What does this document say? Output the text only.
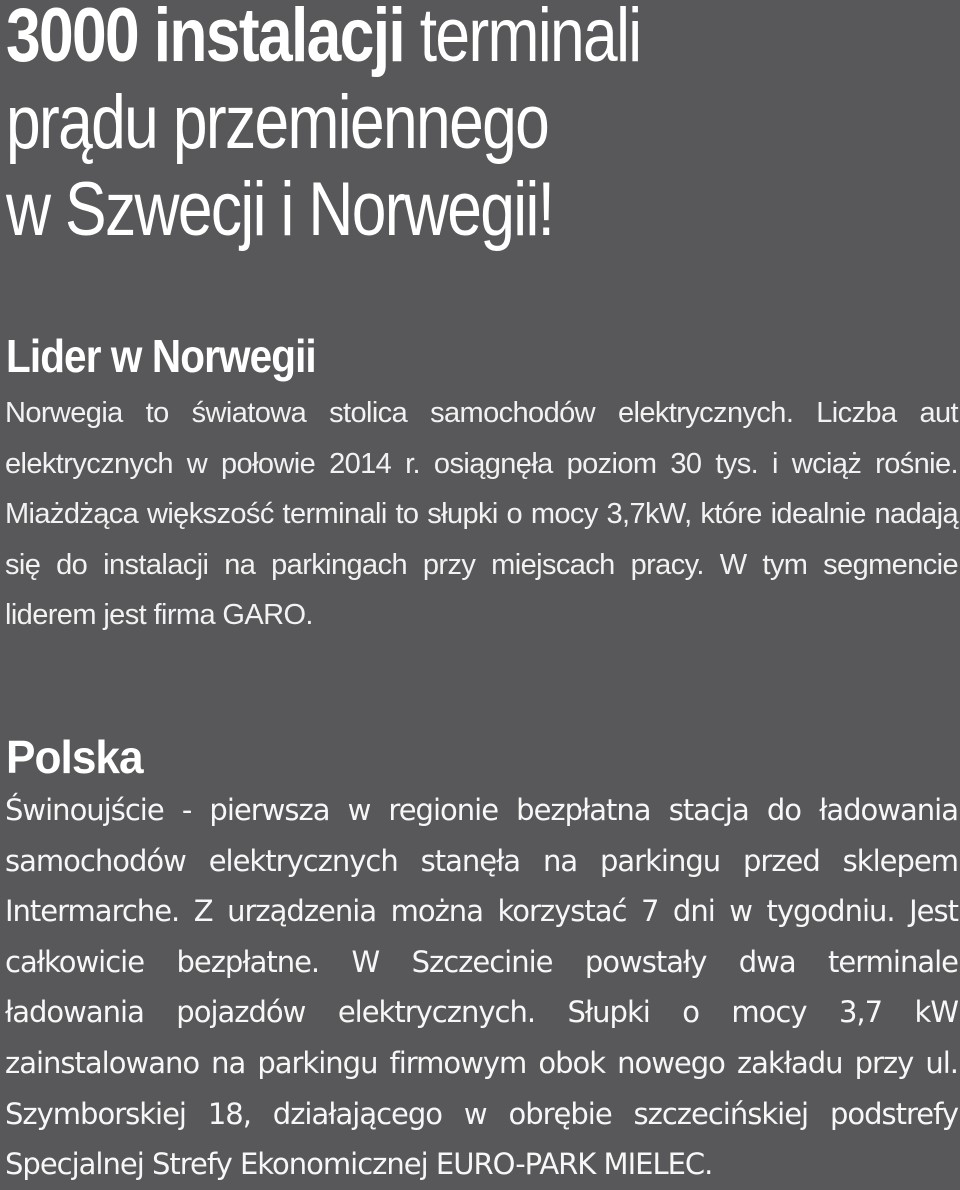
3000 instalacji terminali
prądu przemiennego
w Szwecji i Norwegii!
Lider w Norwegii

Norwegia to światowa stolica samochodów elektrycznych. Liczba aut elektrycznych w połowie 2014 r. osiągnęła poziom 30 tys. i wciąż rośnie. Miażdżąca większość terminali to słupki o mocy 3,7kW, które idealnie nadają się do instalacji na parkingach przy miejscach pracy. W tym segmencie liderem jest firma GARO.

Polska

Świnoujście - pierwsza w regionie bezpłatna stacja do ładowania samochodów elektrycznych stanęła na parkingu przed sklepem Intermarche. Z urządzenia można korzystać 7 dni w tygodniu. Jest całkowicie bezpłatne. W Szczecinie powstały dwa terminale ładowania pojazdów elektrycznych. Słupki o mocy 3,7 kW zainstalowano na parkingu firmowym obok nowego zakładu przy ul. Szymborskiej 18, działającego w obrębie szczecińskiej podstrefy Specjalnej Strefy Ekonomicznej EURO-PARK MIELEC.
